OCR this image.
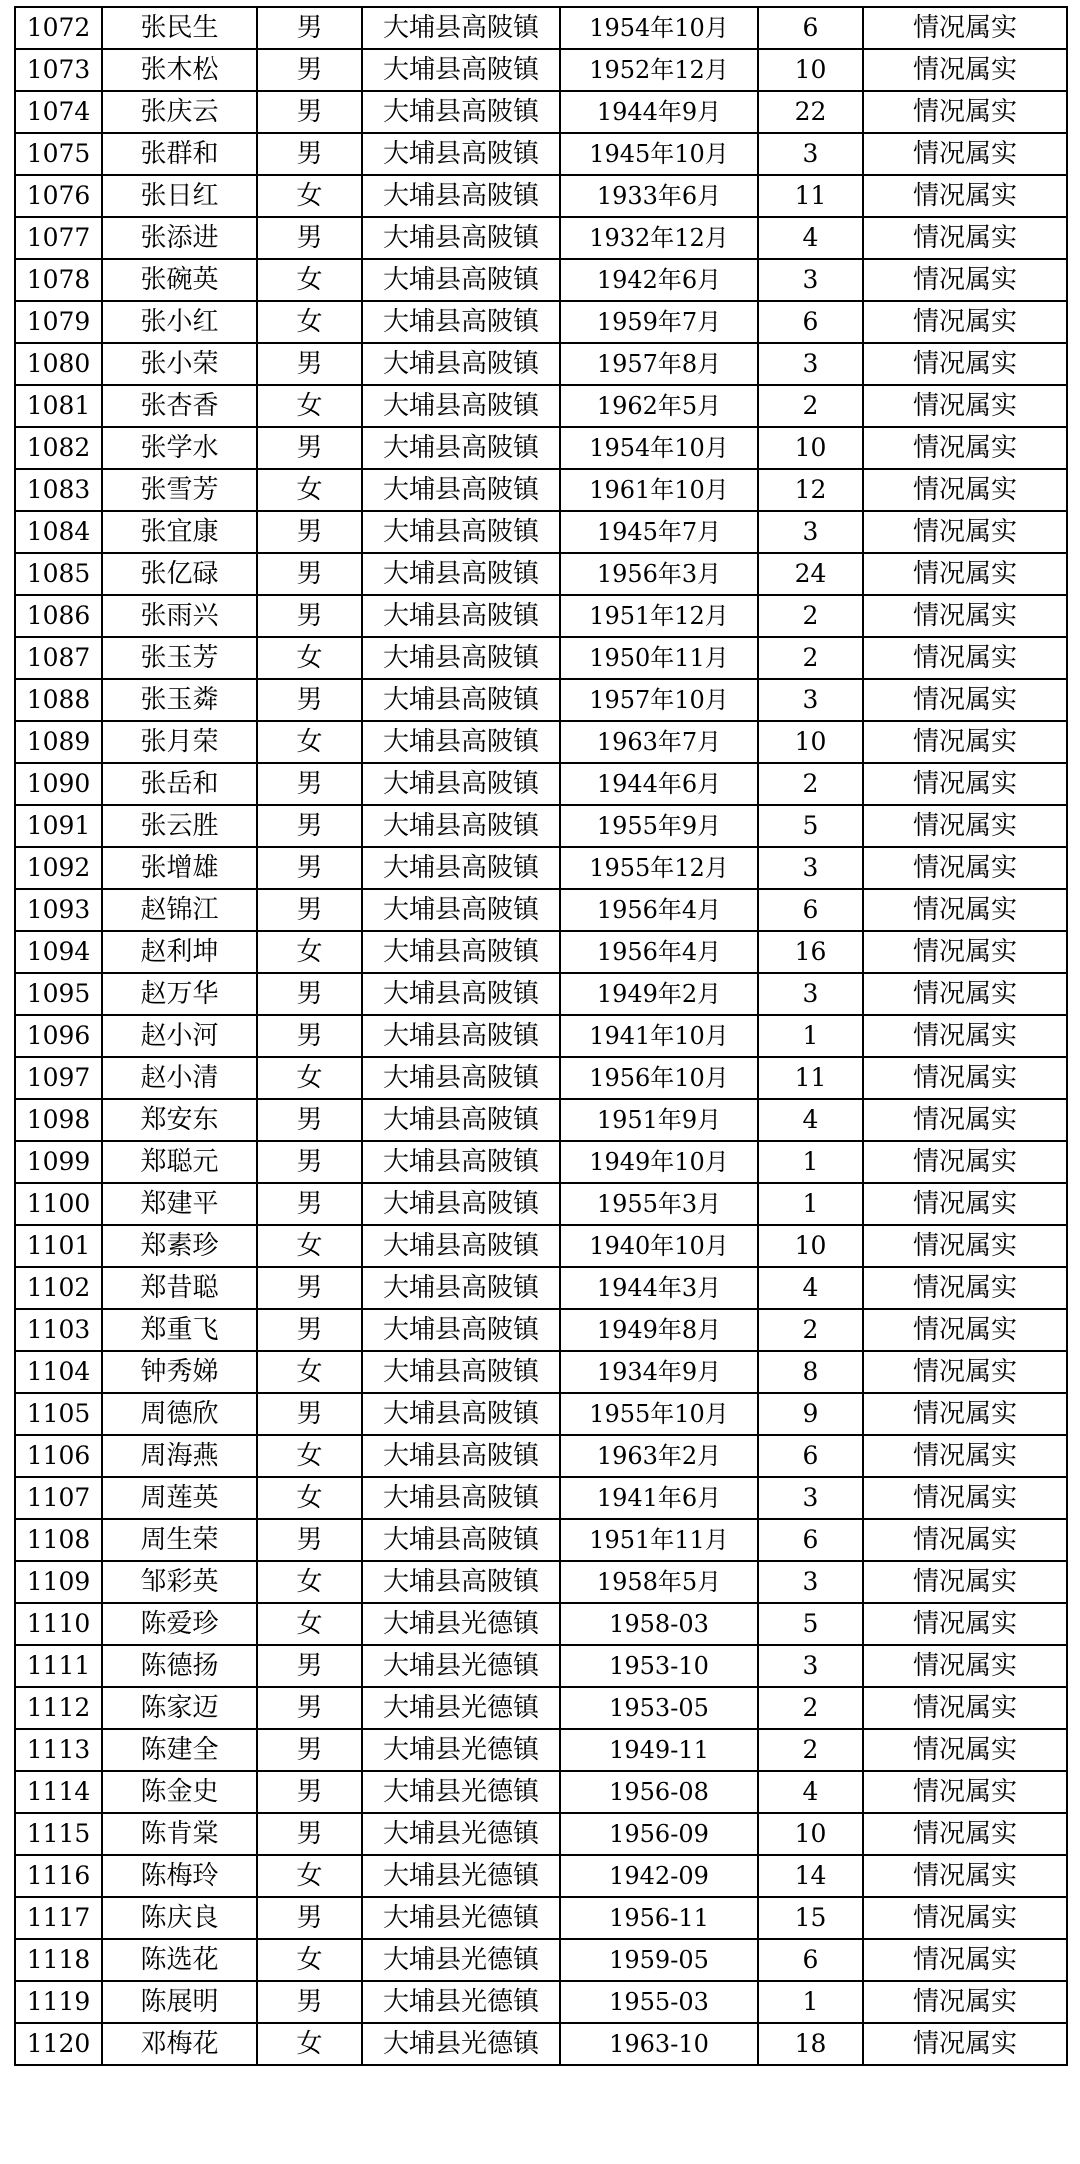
1072	张民生	男	大埔县高陂镇	1954年10月	6	情况属实
1073	张木松	男	大埔县高陂镇	1952年12月	10	情况属实
1074	张庆云	男	大埔县高陂镇	1944年9月	22	情况属实
1075	张群和	男	大埔县高陂镇	1945年10月	3	情况属实
1076	张日红	女	大埔县高陂镇	1933年6月	11	情况属实
1077	张添进	男	大埔县高陂镇	1932年12月	4	情况属实
1078	张碗英	女	大埔县高陂镇	1942年6月	3	情况属实
1079	张小红	女	大埔县高陂镇	1959年7月	6	情况属实
1080	张小荣	男	大埔县高陂镇	1957年8月	3	情况属实
1081	张杏香	女	大埔县高陂镇	1962年5月	2	情况属实
1082	张学水	男	大埔县高陂镇	1954年10月	10	情况属实
1083	张雪芳	女	大埔县高陂镇	1961年10月	12	情况属实
1084	张宜康	男	大埔县高陂镇	1945年7月	3	情况属实
1085	张亿碌	男	大埔县高陂镇	1956年3月	24	情况属实
1086	张雨兴	男	大埔县高陂镇	1951年12月	2	情况属实
1087	张玉芳	女	大埔县高陂镇	1950年11月	2	情况属实
1088	张玉粦	男	大埔县高陂镇	1957年10月	3	情况属实
1089	张月荣	女	大埔县高陂镇	1963年7月	10	情况属实
1090	张岳和	男	大埔县高陂镇	1944年6月	2	情况属实
1091	张云胜	男	大埔县高陂镇	1955年9月	5	情况属实
1092	张增雄	男	大埔县高陂镇	1955年12月	3	情况属实
1093	赵锦江	男	大埔县高陂镇	1956年4月	6	情况属实
1094	赵利坤	女	大埔县高陂镇	1956年4月	16	情况属实
1095	赵万华	男	大埔县高陂镇	1949年2月	3	情况属实
1096	赵小河	男	大埔县高陂镇	1941年10月	1	情况属实
1097	赵小清	女	大埔县高陂镇	1956年10月	11	情况属实
1098	郑安东	男	大埔县高陂镇	1951年9月	4	情况属实
1099	郑聪元	男	大埔县高陂镇	1949年10月	1	情况属实
1100	郑建平	男	大埔县高陂镇	1955年3月	1	情况属实
1101	郑素珍	女	大埔县高陂镇	1940年10月	10	情况属实
1102	郑昔聪	男	大埔县高陂镇	1944年3月	4	情况属实
1103	郑重飞	男	大埔县高陂镇	1949年8月	2	情况属实
1104	钟秀娣	女	大埔县高陂镇	1934年9月	8	情况属实
1105	周德欣	男	大埔县高陂镇	1955年10月	9	情况属实
1106	周海燕	女	大埔县高陂镇	1963年2月	6	情况属实
1107	周莲英	女	大埔县高陂镇	1941年6月	3	情况属实
1108	周生荣	男	大埔县高陂镇	1951年11月	6	情况属实
1109	邹彩英	女	大埔县高陂镇	1958年5月	3	情况属实
1110	陈爱珍	女	大埔县光德镇	1958-03	5	情况属实
1111	陈德扬	男	大埔县光德镇	1953-10	3	情况属实
1112	陈家迈	男	大埔县光德镇	1953-05	2	情况属实
1113	陈建全	男	大埔县光德镇	1949-11	2	情况属实
1114	陈金史	男	大埔县光德镇	1956-08	4	情况属实
1115	陈肯棠	男	大埔县光德镇	1956-09	10	情况属实
1116	陈梅玲	女	大埔县光德镇	1942-09	14	情况属实
1117	陈庆良	男	大埔县光德镇	1956-11	15	情况属实
1118	陈选花	女	大埔县光德镇	1959-05	6	情况属实
1119	陈展明	男	大埔县光德镇	1955-03	1	情况属实
1120	邓梅花	女	大埔县光德镇	1963-10	18	情况属实
